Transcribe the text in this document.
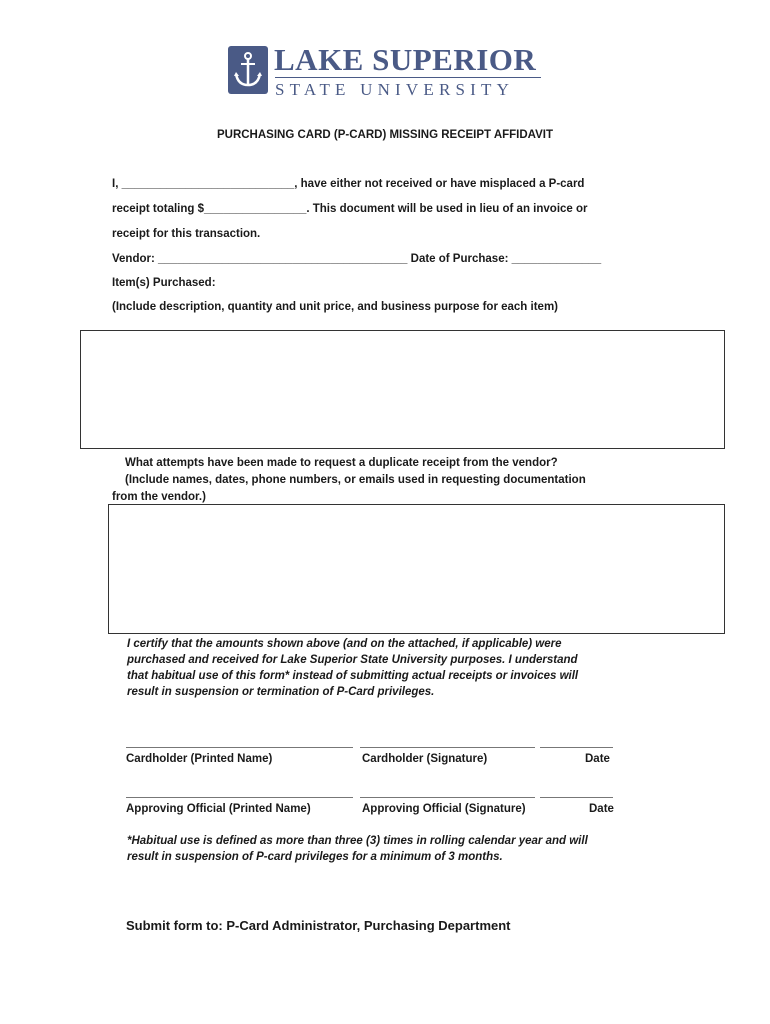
LAKE SUPERIOR
STATE UNIVERSITY
PURCHASING CARD (P-CARD) MISSING RECEIPT AFFIDAVIT
I, ___________________________, have either not received or have misplaced a P-card
receipt totaling $________________. This document will be used in lieu of an invoice or
receipt for this transaction.
Vendor: _______________________________________ Date of Purchase: ______________
Item(s) Purchased:
(Include description, quantity and unit price, and business purpose for each item)
What attempts have been made to request a duplicate receipt from the vendor?
(Include names, dates, phone numbers, or emails used in requesting documentation
from the vendor.)
I certify that the amounts shown above (and on the attached, if applicable) were
purchased and received for Lake Superior State University purposes. I understand
that habitual use of this form* instead of submitting actual receipts or invoices will
result in suspension or termination of P-Card privileges.
Cardholder (Printed Name)	Cardholder (Signature)	Date
Approving Official (Printed Name)	Approving Official (Signature)	Date
*Habitual use is defined as more than three (3) times in rolling calendar year and will
result in suspension of P-card privileges for a minimum of 3 months.
Submit form to: P-Card Administrator, Purchasing Department
